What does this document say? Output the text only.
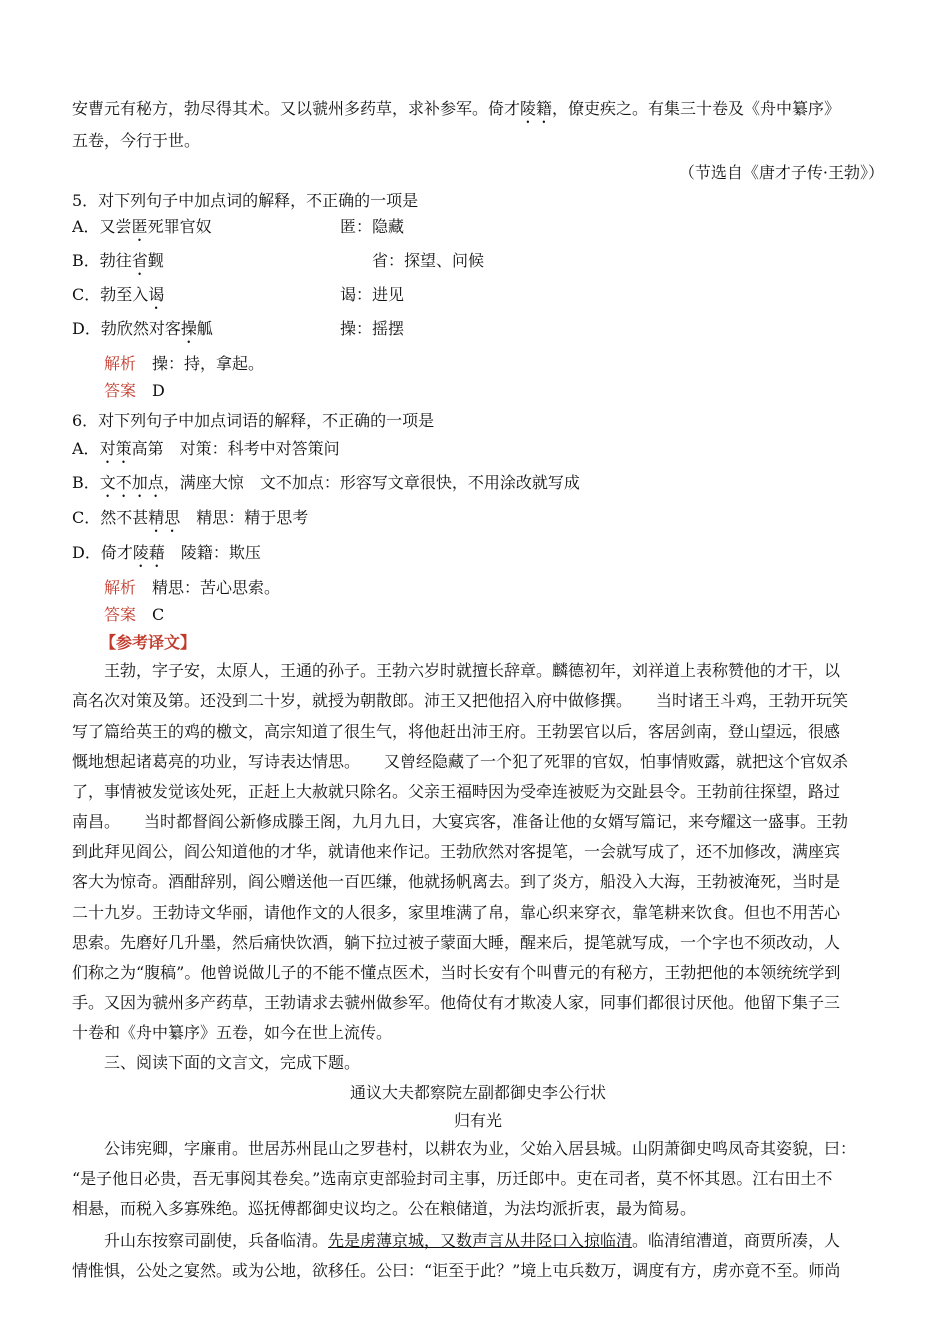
安曹元有秘方，勃尽得其术。又以虢州多药草，求补参军。倚才陵籍，僚吏疾之。有集三十卷及《舟中纂序》
五卷，今行于世。
（节选自《唐才子传·王勃》）
5．对下列句子中加点词的解释，不正确的一项是
A．又尝匿死罪官奴	匿：隐藏
B．勃往省觐	省：探望、问候
C．勃至入谒	谒：进见
D．勃欣然对客操觚	操：摇摆
解析　 操：持，拿起。
答案　 D
6．对下列句子中加点词语的解释，不正确的一项是
A．对策高第　 对策：科考中对答策问
B．文不加点，满座大惊　 文不加点：形容写文章很快，不用涂改就写成
C．然不甚精思　 精思：精于思考
D．倚才陵藉　 陵籍：欺压
解析　 精思：苦心思索。
答案　 C
【参考译文】
王勃，字子安，太原人，王通的孙子。王勃六岁时就擅长辞章。麟德初年，刘祥道上表称赞他的才干，以
高名次对策及第。还没到二十岁，就授为朝散郎。沛王又把他招入府中做修撰。　　当时诸王斗鸡，王勃开玩笑
写了篇给英王的鸡的檄文，高宗知道了很生气，将他赶出沛王府。王勃罢官以后，客居剑南，登山望远，很感
慨地想起诸葛亮的功业，写诗表达情思。　　又曾经隐藏了一个犯了死罪的官奴，怕事情败露，就把这个官奴杀
了，事情被发觉该处死，正赶上大赦就只除名。父亲王福畤因为受牵连被贬为交趾县令。王勃前往探望，路过
南昌。　　当时都督阎公新修成滕王阁，九月九日，大宴宾客，准备让他的女婿写篇记，来夸耀这一盛事。王勃
到此拜见阎公，阎公知道他的才华，就请他来作记。王勃欣然对客提笔，一会就写成了，还不加修改，满座宾
客大为惊奇。酒酣辞别，阎公赠送他一百匹缣，他就扬帆离去。到了炎方，船没入大海，王勃被淹死，当时是
二十九岁。王勃诗文华丽，请他作文的人很多，家里堆满了帛，靠心织来穿衣，靠笔耕来饮食。但也不用苦心
思索。先磨好几升墨，然后痛快饮酒，躺下拉过被子蒙面大睡，醒来后，提笔就写成，一个字也不须改动，人
们称之为“腹稿”。他曾说做儿子的不能不懂点医术，当时长安有个叫曹元的有秘方，王勃把他的本领统统学到
手。又因为虢州多产药草，王勃请求去虢州做参军。他倚仗有才欺凌人家，同事们都很讨厌他。他留下集子三
十卷和《舟中纂序》五卷，如今在世上流传。
三、阅读下面的文言文，完成下题。
通议大夫都察院左副都御史李公行状
归有光
公讳宪卿，字廉甫。世居苏州昆山之罗巷村，以耕农为业，父始入居县城。山阴萧御史鸣凤奇其姿貌，曰：
“是子他日必贵，吾无事阅其卷矣。”选南京吏部验封司主事，历迁郎中。吏在司者，莫不怀其恩。江右田土不
相悬，而税入多寡殊绝。巡抚傅都御史议均之。公在粮储道，为法均派折衷，最为简易。
升山东按察司副使，兵备临清。先是虏薄京城，又数声言从井陉口入掠临清。临清绾漕道，商贾所凑，人
情惟惧，公处之宴然。或为公地，欲移任。公曰：“讵至于此？”境上屯兵数万，调度有方，虏亦竟不至。师尚
